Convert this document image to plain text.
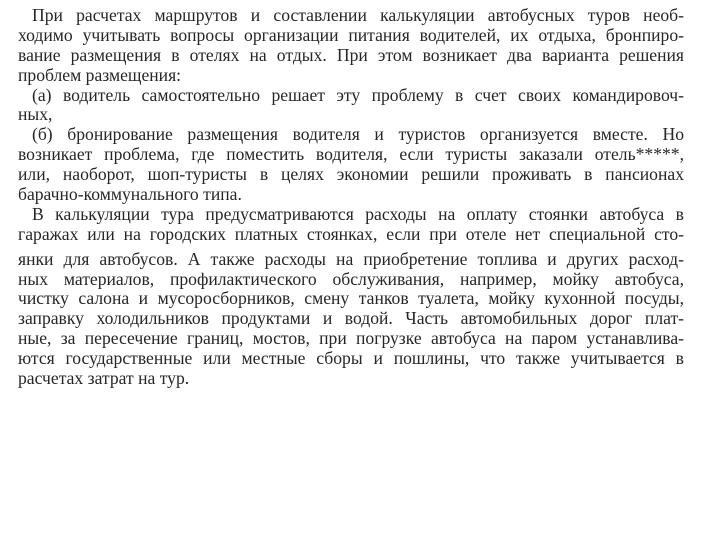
При расчетах маршрутов и составлении калькуляции автобусных туров необ-
ходимо учитывать вопросы организации питания водителей, их отдыха, бронпиро-
вание размещения в отелях на отдых. При этом возникает два варианта решения
проблем размещения:
(а) водитель самостоятельно решает эту проблему в счет своих командировоч-
ных,
(б) бронирование размещения водителя и туристов организуется вместе. Но
возникает проблема, где поместить водителя, если туристы заказали отель*****,
или, наоборот, шоп-туристы в целях экономии решили проживать в пансионах
барачно-коммунального типа.
В калькуляции тура предусматриваются расходы на оплату стоянки автобуса в
гаражах или на городских платных стоянках, если при отеле нет специальной сто-
янки для автобусов. А также расходы на приобретение топлива и других расход-
ных материалов, профилактического обслуживания, например, мойку автобуса,
чистку салона и мусоросборников, смену танков туалета, мойку кухонной посуды,
заправку холодильников продуктами и водой. Часть автомобильных дорог плат-
ные, за пересечение границ, мостов, при погрузке автобуса на паром устанавлива-
ются государственные или местные сборы и пошлины, что также учитывается в
расчетах затрат на тур.
